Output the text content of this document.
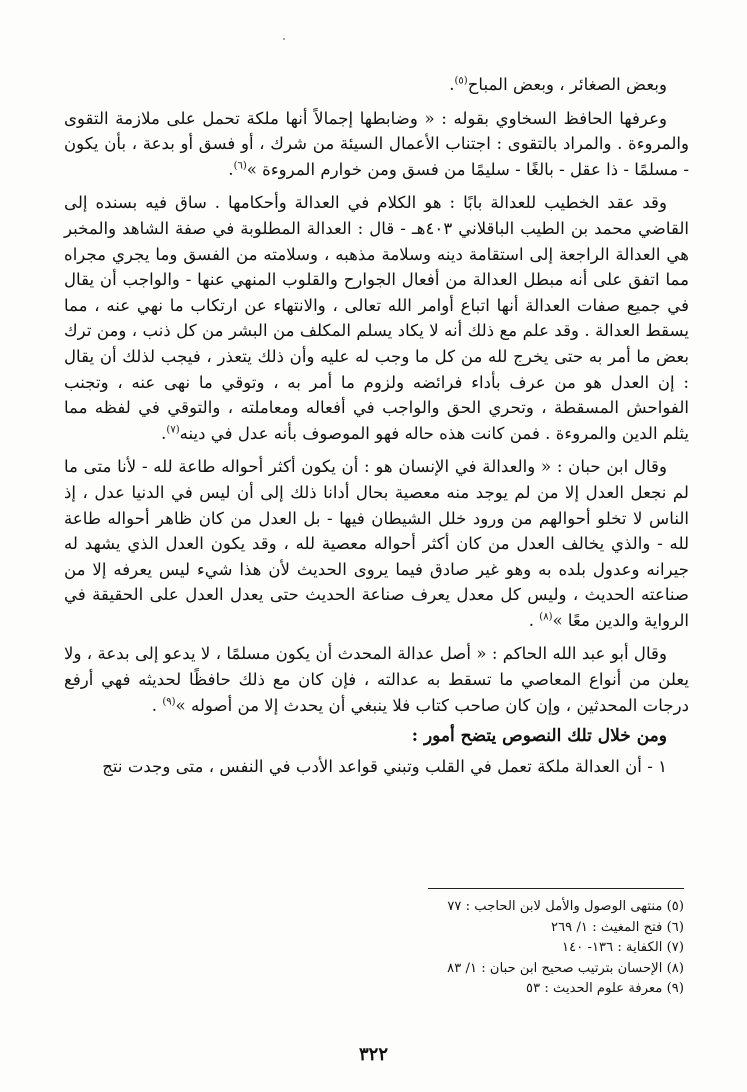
وبعض الصغائر ، وبعض المباح$^{(٥)}$.

وعرفها الحافظ السخاوي بقوله : « وضابطها إجمالاً أنها ملكة تحمل على ملازمة التقوى والمروءة . والمراد بالتقوى : اجتناب الأعمال السيئة من شرك ، أو فسق أو بدعة ، بأن يكون - مسلمًا - ذا عقل - بالغًا - سليمًا من فسق ومن خوارم المروءة »$^{(٦)}$.

وقد عقد الخطيب للعدالة بابًا : هو الكلام في العدالة وأحكامها . ساق فيه بسنده إلى القاضي محمد بن الطيب الباقلاني ٤٠٣هـ - قال : العدالة المطلوبة في صفة الشاهد والمخبر هي العدالة الراجعة إلى استقامة دينه وسلامة مذهبه ، وسلامته من الفسق وما يجري مجراه مما اتفق على أنه مبطل العدالة من أفعال الجوارح والقلوب المنهي عنها - والواجب أن يقال في جميع صفات العدالة أنها اتباع أوامر الله تعالى ، والانتهاء عن ارتكاب ما نهي عنه ، مما يسقط العدالة . وقد علم مع ذلك أنه لا يكاد يسلم المكلف من البشر من كل ذنب ، ومن ترك بعض ما أمر به حتى يخرج لله من كل ما وجب له عليه وأن ذلك يتعذر ، فيجب لذلك أن يقال : إن العدل هو من عرف بأداء فرائضه ولزوم ما أمر به ، وتوقي ما نهى عنه ، وتجنب الفواحش المسقطة ، وتحري الحق والواجب في أفعاله ومعاملته ، والتوقي في لفظه مما يثلم الدين والمروءة . فمن كانت هذه حاله فهو الموصوف بأنه عدل في دينه$^{(٧)}$.

وقال ابن حبان : « والعدالة في الإنسان هو : أن يكون أكثر أحواله طاعة لله - لأنا متى ما لم نجعل العدل إلا من لم يوجد منه معصية بحال أدانا ذلك إلى أن ليس في الدنيا عدل ، إذ الناس لا تخلو أحوالهم من ورود خلل الشيطان فيها - بل العدل من كان ظاهر أحواله طاعة لله - والذي يخالف العدل من كان أكثر أحواله معصية لله ، وقد يكون العدل الذي يشهد له جيرانه وعدول بلده به وهو غير صادق فيما يروى الحديث لأن هذا شيء ليس يعرفه إلا من صناعته الحديث ، وليس كل معدل يعرف صناعة الحديث حتى يعدل العدل على الحقيقة في الرواية والدين معًا »$^{(٨)}$ .

وقال أبو عبد الله الحاكم : « أصل عدالة المحدث أن يكون مسلمًا ، لا يدعو إلى بدعة ، ولا يعلن من أنواع المعاصي ما تسقط به عدالته ، فإن كان مع ذلك حافظًا لحديثه فهي أرفع درجات المحدثين ، وإن كان صاحب كتاب فلا ينبغي أن يحدث إلا من أصوله »$^{(٩)}$ .

ومن خلال تلك النصوص يتضح أمور :

١ - أن العدالة ملكة تعمل في القلب وتبني قواعد الأدب في النفس ، متى وجدت نتج

(٥) منتهى الوصول والأمل لابن الحاجب : ٧٧
(٦) فتح المغيث : ١/ ٢٦٩
(٧) الكفاية : ١٣٦- ١٤٠
(٨) الإحسان بترتيب صحيح ابن حبان : ١/ ٨٣
(٩) معرفة علوم الحديث : ٥٣
٣٢٢
